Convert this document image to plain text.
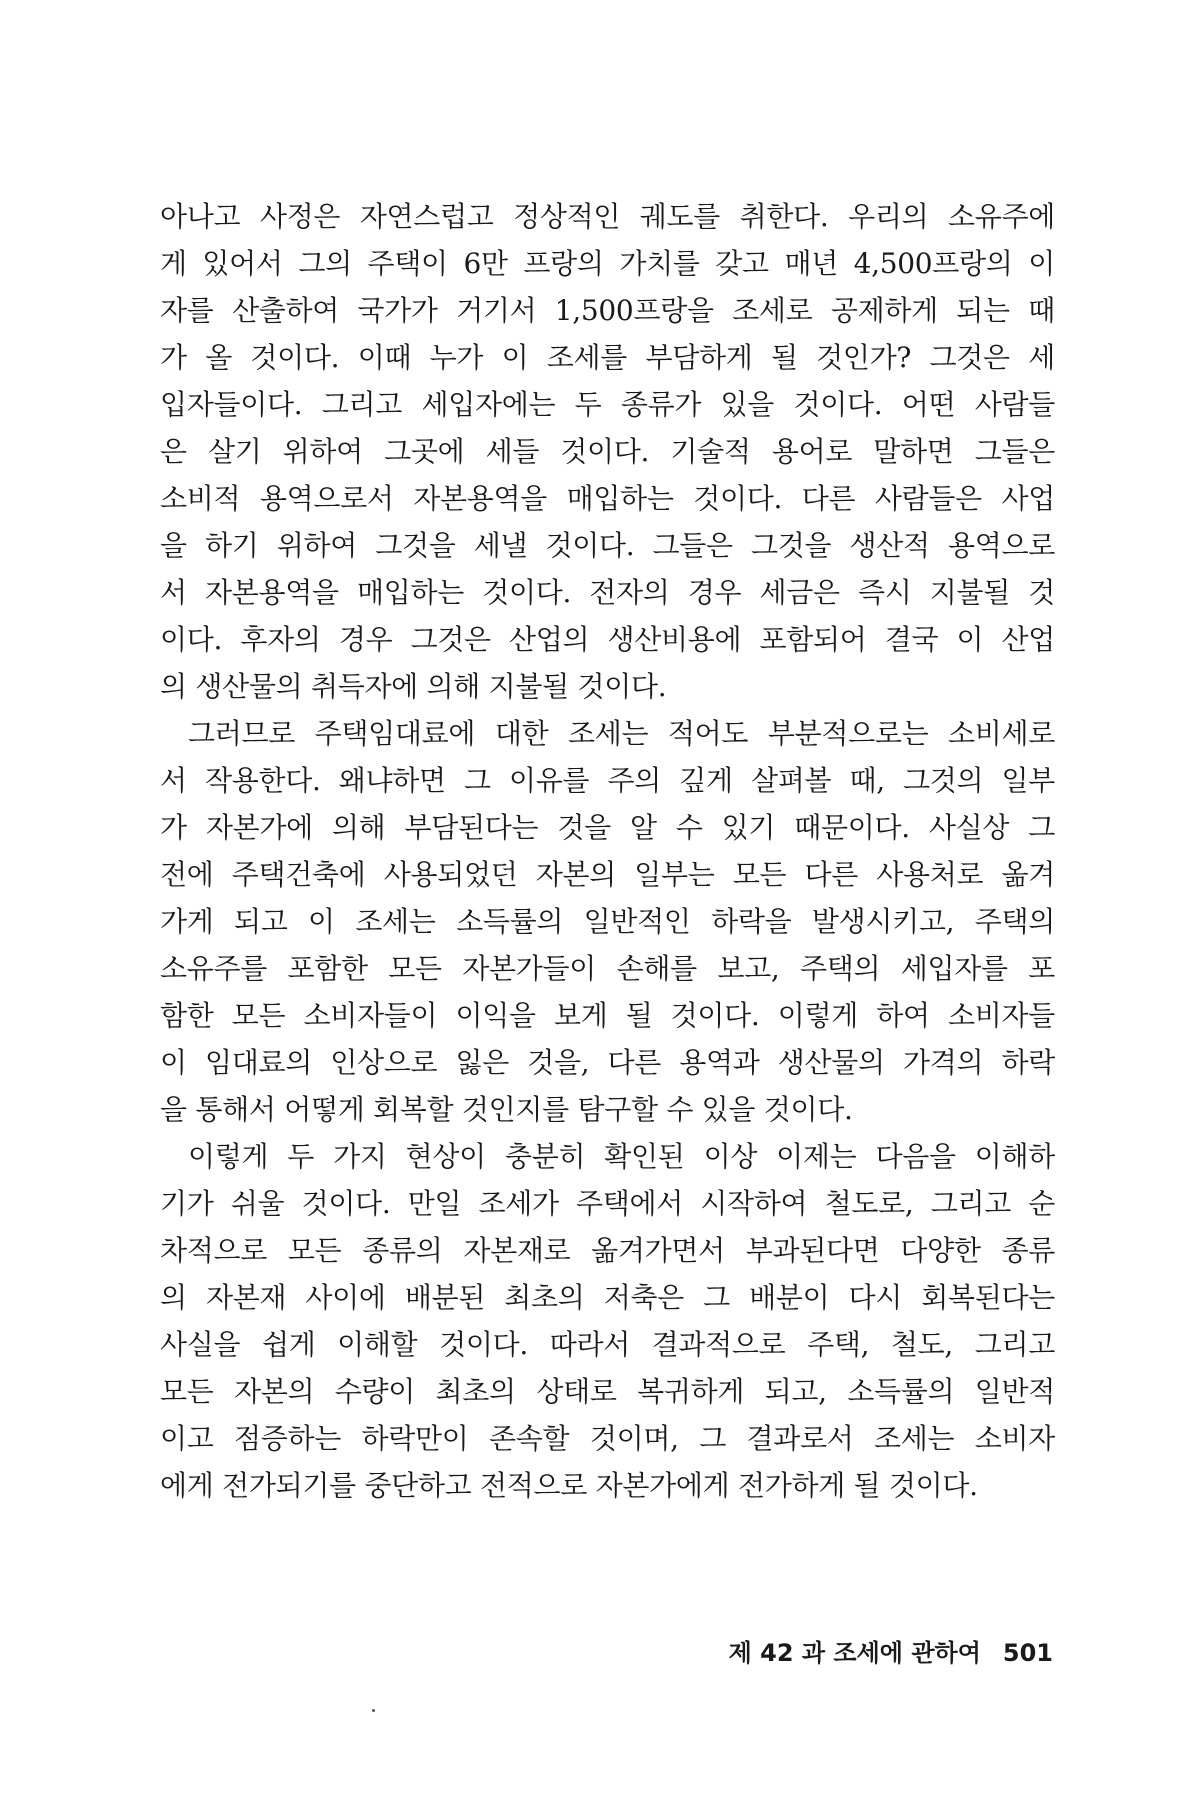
아나고 사정은 자연스럽고 정상적인 궤도를 취한다. 우리의 소유주에
게 있어서 그의 주택이 6만 프랑의 가치를 갖고 매년 4,500프랑의 이
자를 산출하여 국가가 거기서 1,500프랑을 조세로 공제하게 되는 때
가 올 것이다. 이때 누가 이 조세를 부담하게 될 것인가? 그것은 세
입자들이다. 그리고 세입자에는 두 종류가 있을 것이다. 어떤 사람들
은 살기 위하여 그곳에 세들 것이다. 기술적 용어로 말하면 그들은
소비적 용역으로서 자본용역을 매입하는 것이다. 다른 사람들은 사업
을 하기 위하여 그것을 세낼 것이다. 그들은 그것을 생산적 용역으로
서 자본용역을 매입하는 것이다. 전자의 경우 세금은 즉시 지불될 것
이다. 후자의 경우 그것은 산업의 생산비용에 포함되어 결국 이 산업
의 생산물의 취득자에 의해 지불될 것이다.
그러므로 주택임대료에 대한 조세는 적어도 부분적으로는 소비세로
서 작용한다. 왜냐하면 그 이유를 주의 깊게 살펴볼 때, 그것의 일부
가 자본가에 의해 부담된다는 것을 알 수 있기 때문이다. 사실상 그
전에 주택건축에 사용되었던 자본의 일부는 모든 다른 사용처로 옮겨
가게 되고 이 조세는 소득률의 일반적인 하락을 발생시키고, 주택의
소유주를 포함한 모든 자본가들이 손해를 보고, 주택의 세입자를 포
함한 모든 소비자들이 이익을 보게 될 것이다. 이렇게 하여 소비자들
이 임대료의 인상으로 잃은 것을, 다른 용역과 생산물의 가격의 하락
을 통해서 어떻게 회복할 것인지를 탐구할 수 있을 것이다.
이렇게 두 가지 현상이 충분히 확인된 이상 이제는 다음을 이해하
기가 쉬울 것이다. 만일 조세가 주택에서 시작하여 철도로, 그리고 순
차적으로 모든 종류의 자본재로 옮겨가면서 부과된다면 다양한 종류
의 자본재 사이에 배분된 최초의 저축은 그 배분이 다시 회복된다는
사실을 쉽게 이해할 것이다. 따라서 결과적으로 주택, 철도, 그리고
모든 자본의 수량이 최초의 상태로 복귀하게 되고, 소득률의 일반적
이고 점증하는 하락만이 존속할 것이며, 그 결과로서 조세는 소비자
에게 전가되기를 중단하고 전적으로 자본가에게 전가하게 될 것이다.
제 42 과 조세에 관하여 501
